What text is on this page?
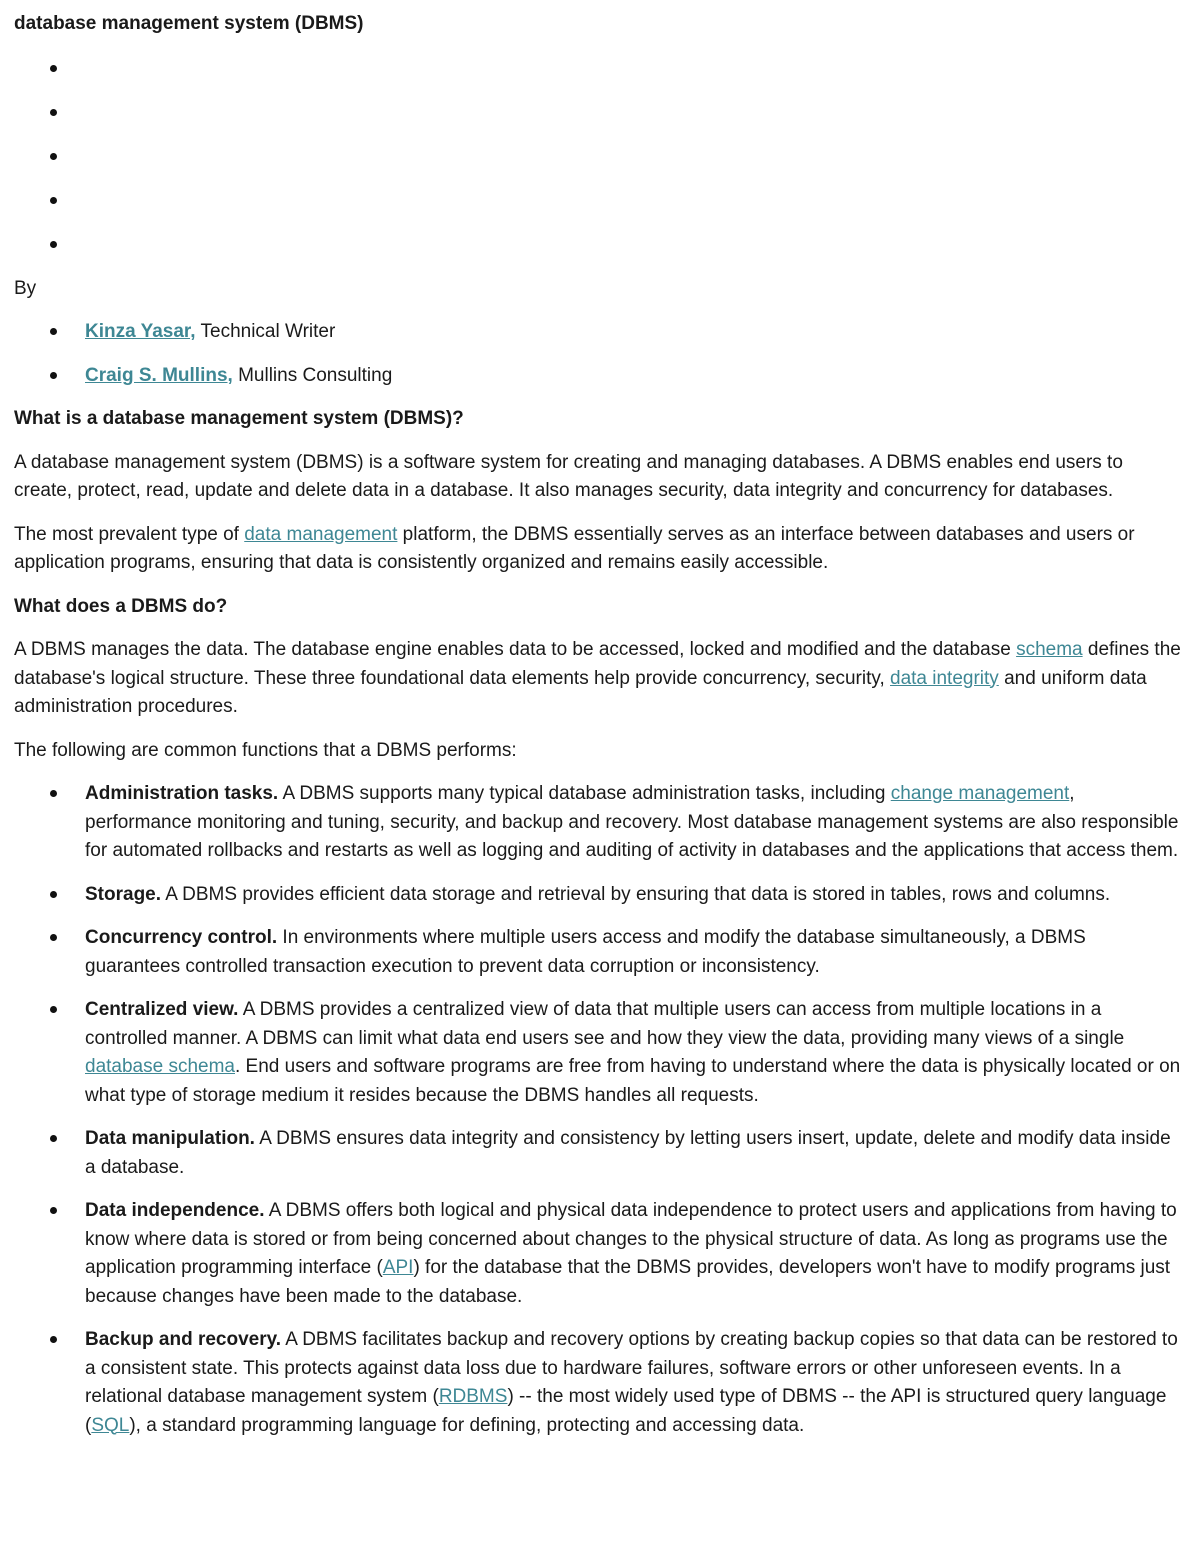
database management system (DBMS)

By

Kinza Yasar, Technical Writer
Craig S. Mullins, Mullins Consulting
What is a database management system (DBMS)?

A database management system (DBMS) is a software system for creating and managing databases. A DBMS enables end users to create, protect, read, update and delete data in a database. It also manages security, data integrity and concurrency for databases.

The most prevalent type of data management platform, the DBMS essentially serves as an interface between databases and users or application programs, ensuring that data is consistently organized and remains easily accessible.

What does a DBMS do?

A DBMS manages the data. The database engine enables data to be accessed, locked and modified and the database schema defines the database's logical structure. These three foundational data elements help provide concurrency, security, data integrity and uniform data administration procedures.

The following are common functions that a DBMS performs:

Administration tasks. A DBMS supports many typical database administration tasks, including change management, performance monitoring and tuning, security, and backup and recovery. Most database management systems are also responsible for automated rollbacks and restarts as well as logging and auditing of activity in databases and the applications that access them.
Storage. A DBMS provides efficient data storage and retrieval by ensuring that data is stored in tables, rows and columns.
Concurrency control. In environments where multiple users access and modify the database simultaneously, a DBMS guarantees controlled transaction execution to prevent data corruption or inconsistency.
Centralized view. A DBMS provides a centralized view of data that multiple users can access from multiple locations in a controlled manner. A DBMS can limit what data end users see and how they view the data, providing many views of a single database schema. End users and software programs are free from having to understand where the data is physically located or on what type of storage medium it resides because the DBMS handles all requests.
Data manipulation. A DBMS ensures data integrity and consistency by letting users insert, update, delete and modify data inside a database.
Data independence. A DBMS offers both logical and physical data independence to protect users and applications from having to know where data is stored or from being concerned about changes to the physical structure of data. As long as programs use the application programming interface (API) for the database that the DBMS provides, developers won't have to modify programs just because changes have been made to the database.
Backup and recovery. A DBMS facilitates backup and recovery options by creating backup copies so that data can be restored to a consistent state. This protects against data loss due to hardware failures, software errors or other unforeseen events. In a relational database management system (RDBMS) -- the most widely used type of DBMS -- the API is structured query language (SQL), a standard programming language for defining, protecting and accessing data.
